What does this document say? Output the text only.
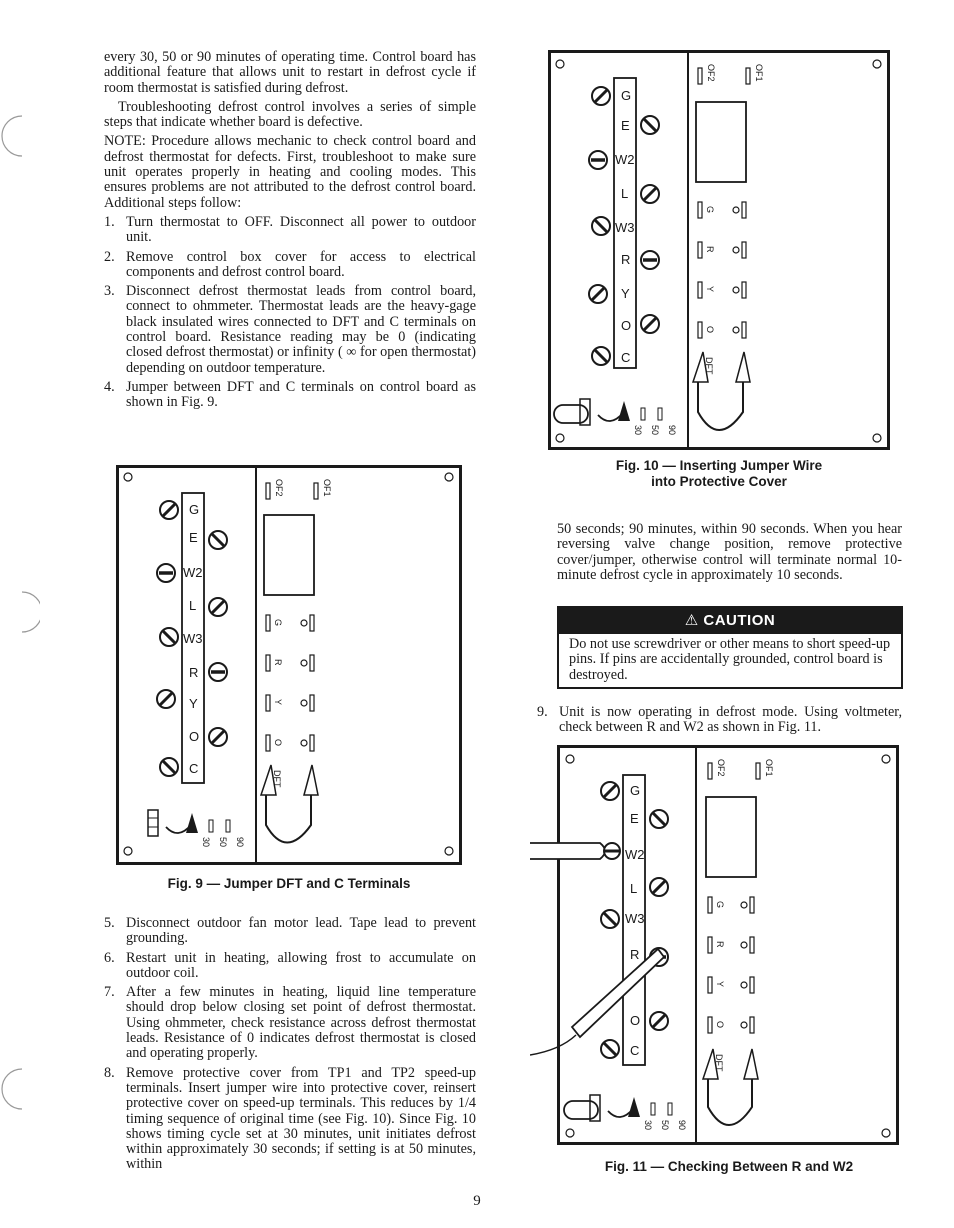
every 30, 50 or 90 minutes of operating time. Control board has additional feature that allows unit to restart in defrost cycle if room thermostat is satisfied during defrost.

Troubleshooting defrost control involves a series of simple steps that indicate whether board is defective.

NOTE: Procedure allows mechanic to check control board and defrost thermostat for defects. First, troubleshoot to make sure unit operates properly in heating and cooling modes. This ensures problems are not attributed to the defrost control board. Additional steps follow:

1. Turn thermostat to OFF. Disconnect all power to outdoor unit.
2. Remove control box cover for access to electrical components and defrost control board.
3. Disconnect defrost thermostat leads from control board, connect to ohmmeter. Thermostat leads are the heavy-gage black insulated wires connected to DFT and C terminals on control board. Resistance reading may be 0 (indicating closed defrost thermostat) or infinity ( ∞ for open thermostat) depending on outdoor temperature.
4. Jumper between DFT and C terminals on control board as shown in Fig. 9.
G
E
W2
L
W3
R
Y
O
C
OF2	OF1
G
R
Y
O
DFT
30 50 90
Fig. 9 — Jumper DFT and C Terminals
5. Disconnect outdoor fan motor lead. Tape lead to prevent grounding.
6. Restart unit in heating, allowing frost to accumulate on outdoor coil.
7. After a few minutes in heating, liquid line temperature should drop below closing set point of defrost thermostat. Using ohmmeter, check resistance across defrost thermostat leads. Resistance of 0 indicates defrost thermostat is closed and operating properly.
8. Remove protective cover from TP1 and TP2 speed-up terminals. Insert jumper wire into protective cover, reinsert protective cover on speed-up terminals. This reduces by 1/4 timing sequence of original time (see Fig. 10). Since Fig. 10 shows timing cycle set at 30 minutes, unit initiates defrost within approximately 30 seconds; if setting is at 50 minutes, within
G
E
W2
L
W3
R
Y
O
C
OF2	OF1
G
R
Y
O
DFT
30 50 90
Fig. 10 — Inserting Jumper Wire
into Protective Cover

50 seconds; 90 minutes, within 90 seconds. When you hear reversing valve change position, remove protective cover/jumper, otherwise control will terminate normal 10-minute defrost cycle in approximately 10 seconds.

⚠ CAUTION
Do not use screwdriver or other means to short speed-up pins. If pins are accidentally grounded, control board is destroyed.
9. Unit is now operating in defrost mode. Using voltmeter, check between R and W2 as shown in Fig. 11.
G
E
W2
L
W3
R
O
C
OF2	OF1
G
R
Y
O
DFT
30 50 90
Fig. 11 — Checking Between R and W2
9
